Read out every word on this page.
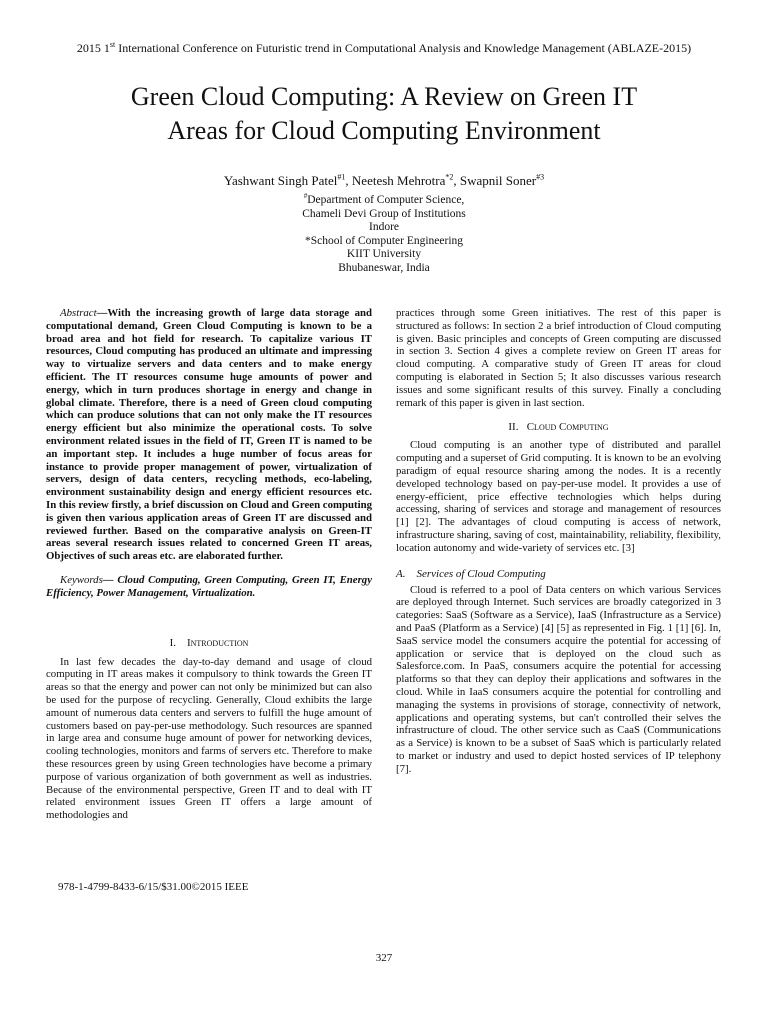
2015 1st International Conference on Futuristic trend in Computational Analysis and Knowledge Management (ABLAZE-2015)
Green Cloud Computing: A Review on Green IT
Areas for Cloud Computing Environment
Yashwant Singh Patel$^{\#1}$, Neetesh Mehrotra$^{*2}$, Swapnil Soner$^{\#3}$
#Department of Computer Science,
Chameli Devi Group of Institutions
Indore
*School of Computer Engineering
KIIT University
Bhubaneswar, India

Abstract—With the increasing growth of large data storage and computational demand, Green Cloud Computing is known to be a broad area and hot field for research. To capitalize various IT resources, Cloud computing has produced an ultimate and impressing way to virtualize servers and data centers and to make energy efficient. The IT resources consume huge amounts of power and energy, which in turn produces shortage in energy and change in global climate. Therefore, there is a need of Green cloud computing which can produce solutions that can not only make the IT resources energy efficient but also minimize the operational costs. To solve environment related issues in the field of IT, Green IT is named to be an important step. It includes a huge number of focus areas for instance to provide proper management of power, virtualization of servers, design of data centers, recycling methods, eco-labeling, environment sustainability design and energy efficient resources etc. In this review firstly, a brief discussion on Cloud and Green computing is given then various application areas of Green IT are discussed and reviewed further. Based on the comparative analysis on Green-IT areas several research issues related to concerned Green IT areas, Objectives of such areas etc. are elaborated further.

Keywords— Cloud Computing, Green Computing, Green IT, Energy Efficiency, Power Management, Virtualization.

I. Introduction

In last few decades the day-to-day demand and usage of cloud computing in IT areas makes it compulsory to think towards the Green IT areas so that the energy and power can not only be minimized but can also be used for the purpose of recycling. Generally, Cloud exhibits the large amount of numerous data centers and servers to fulfill the huge amount of customers based on pay-per-use methodology. Such resources are spanned in large area and consume huge amount of power for networking devices, cooling technologies, monitors and farms of servers etc. Therefore to make these resources green by using Green technologies have become a primary purpose of various organization of both government as well as industries. Because of the environmental perspective, Green IT and to deal with IT related environment issues Green IT offers a large amount of methodologies and

practices through some Green initiatives. The rest of this paper is structured as follows: In section 2 a brief introduction of Cloud computing is given. Basic principles and concepts of Green computing are discussed in section 3. Section 4 gives a complete review on Green IT areas for cloud computing. A comparative study of Green IT areas for cloud computing is elaborated in Section 5; It also discusses various research issues and some significant results of this survey. Finally a concluding remark of this paper is given in last section.

II. Cloud Computing

Cloud computing is an another type of distributed and parallel computing and a superset of Grid computing. It is known to be an evolving paradigm of equal resource sharing among the nodes. It is a recently developed technology based on pay-per-use model. It provides a use of energy-efficient, price effective technologies which helps during accessing, sharing of services and storage and management of resources [1] [2]. The advantages of cloud computing is access of network, infrastructure sharing, saving of cost, maintainability, reliability, flexibility, location autonomy and wide-variety of services etc. [3]

A. Services of Cloud Computing

Cloud is referred to a pool of Data centers on which various Services are deployed through Internet. Such services are broadly categorized in 3 categories: SaaS (Software as a Service), IaaS (Infrastructure as a Service) and PaaS (Platform as a Service) [4] [5] as represented in Fig. 1 [1] [6]. In, SaaS service model the consumers acquire the potential for accessing of application or service that is deployed on the cloud such as Salesforce.com. In PaaS, consumers acquire the potential for accessing platforms so that they can deploy their applications and softwares in the cloud. While in IaaS consumers acquire the potential for controlling and managing the systems in provisions of storage, connectivity of network, applications and operating systems, but can't controlled their selves the infrastructure of cloud. The other service such as CaaS (Communications as a Service) is known to be a subset of SaaS which is particularly related to market or industry and used to depict hosted services of IP telephony [7].

978-1-4799-8433-6/15/$31.00©2015 IEEE
327
